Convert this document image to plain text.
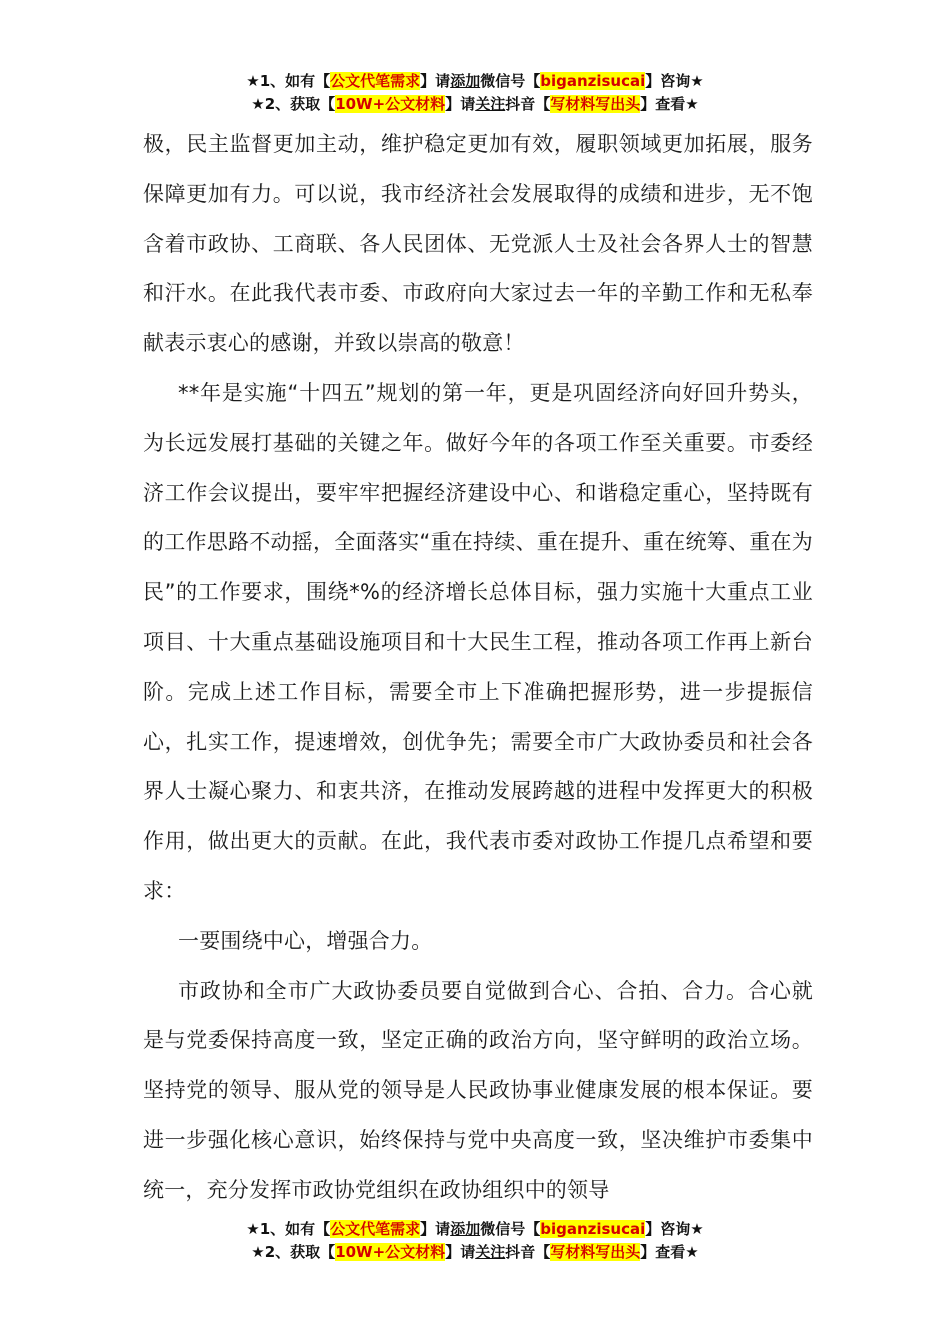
★1、如有【公文代笔需求】请添加微信号【biganzisucai】咨询★
★2、获取【10W+公文材料】请关注抖音【写材料写出头】查看★

极，民主监督更加主动，维护稳定更加有效，履职领域更加拓展，服务保障更加有力。可以说，我市经济社会发展取得的成绩和进步，无不饱含着市政协、工商联、各人民团体、无党派人士及社会各界人士的智慧和汗水。在此我代表市委、市政府向大家过去一年的辛勤工作和无私奉献表示衷心的感谢，并致以崇高的敬意！

**年是实施“十四五”规划的第一年，更是巩固经济向好回升势头，为长远发展打基础的关键之年。做好今年的各项工作至关重要。市委经济工作会议提出，要牢牢把握经济建设中心、和谐稳定重心，坚持既有的工作思路不动摇，全面落实“重在持续、重在提升、重在统筹、重在为民”的工作要求，围绕*%的经济增长总体目标，强力实施十大重点工业项目、十大重点基础设施项目和十大民生工程，推动各项工作再上新台阶。完成上述工作目标，需要全市上下准确把握形势，进一步提振信心，扎实工作，提速增效，创优争先；需要全市广大政协委员和社会各界人士凝心聚力、和衷共济，在推动发展跨越的进程中发挥更大的积极作用，做出更大的贡献。在此，我代表市委对政协工作提几点希望和要求：

一要围绕中心，增强合力。

市政协和全市广大政协委员要自觉做到合心、合拍、合力。合心就是与党委保持高度一致，坚定正确的政治方向，坚守鲜明的政治立场。坚持党的领导、服从党的领导是人民政协事业健康发展的根本保证。要进一步强化核心意识，始终保持与党中央高度一致，坚决维护市委集中统一，充分发挥市政协党组织在政协组织中的领导

★1、如有【公文代笔需求】请添加微信号【biganzisucai】咨询★
★2、获取【10W+公文材料】请关注抖音【写材料写出头】查看★
